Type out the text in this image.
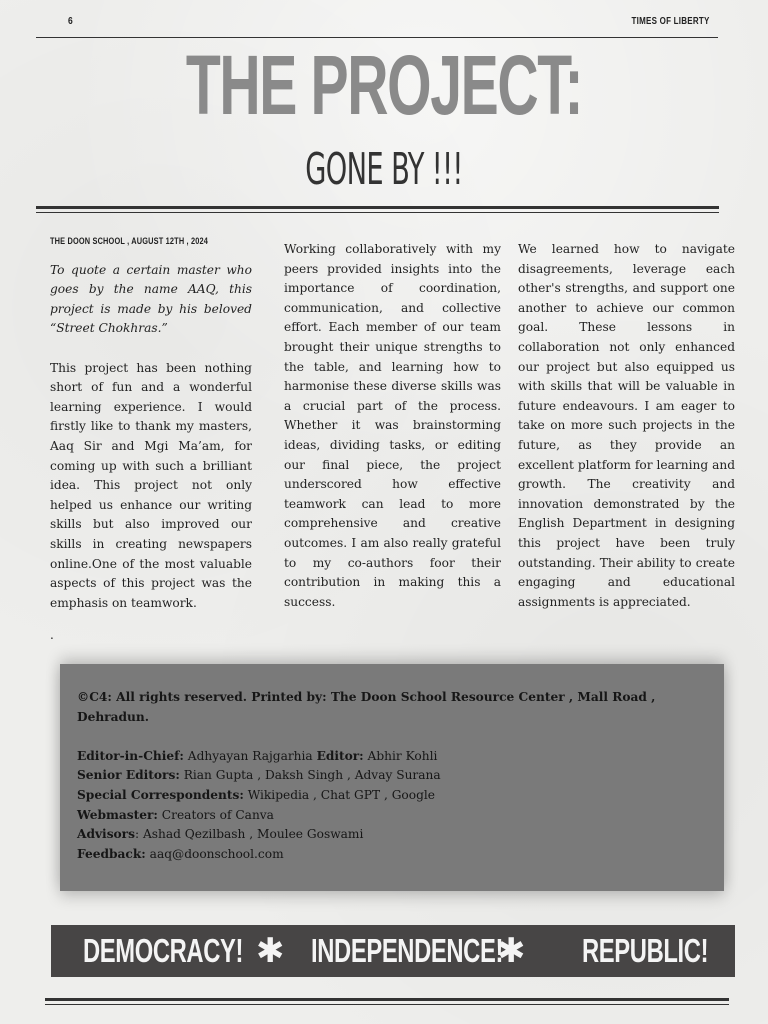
6	TIMES OF LIBERTY
THE PROJECT:
GONE BY !!!
THE DOON SCHOOL , AUGUST 12TH , 2024

To quote a certain master who goes by the name AAQ, this project is made by his beloved “Street Chokhras.”

This project has been nothing short of fun and a wonderful learning experience. I would firstly like to thank my masters, Aaq Sir and Mgi Ma’am, for coming up with such a brilliant idea. This project not only helped us enhance our writing skills but also improved our skills in creating newspapers online.One of the most valuable aspects of this project was the emphasis on teamwork.

.

Working collaboratively with my peers provided insights into the importance of coordination, communication, and collective effort. Each member of our team brought their unique strengths to the table, and learning how to harmonise these diverse skills was a crucial part of the process. Whether it was brainstorming ideas, dividing tasks, or editing our final piece, the project underscored how effective teamwork can lead to more comprehensive and creative outcomes. I am also really grateful to my co-authors foor their contribution in making this a success.

We learned how to navigate disagreements, leverage each other's strengths, and support one another to achieve our common goal. These lessons in collaboration not only enhanced our project but also equipped us with skills that will be valuable in future endeavours. I am eager to take on more such projects in the future, as they provide an excellent platform for learning and growth. The creativity and innovation demonstrated by the English Department in designing this project have been truly outstanding. Their ability to create engaging and educational assignments is appreciated.

©C4: All rights reserved. Printed by: The Doon School Resource Center , Mall Road , Dehradun.
Editor-in-Chief: Adhyayan Rajgarhia Editor: Abhir Kohli
Senior Editors: Rian Gupta , Daksh Singh , Advay Surana
Special Correspondents: Wikipedia , Chat GPT , Google
Webmaster: Creators of Canva
Advisors: Ashad Qezilbash , Moulee Goswami
Feedback: aaq@doonschool.com
DEMOCRACY! ✱ INDEPENDENCE!
✱ REPUBLIC!
